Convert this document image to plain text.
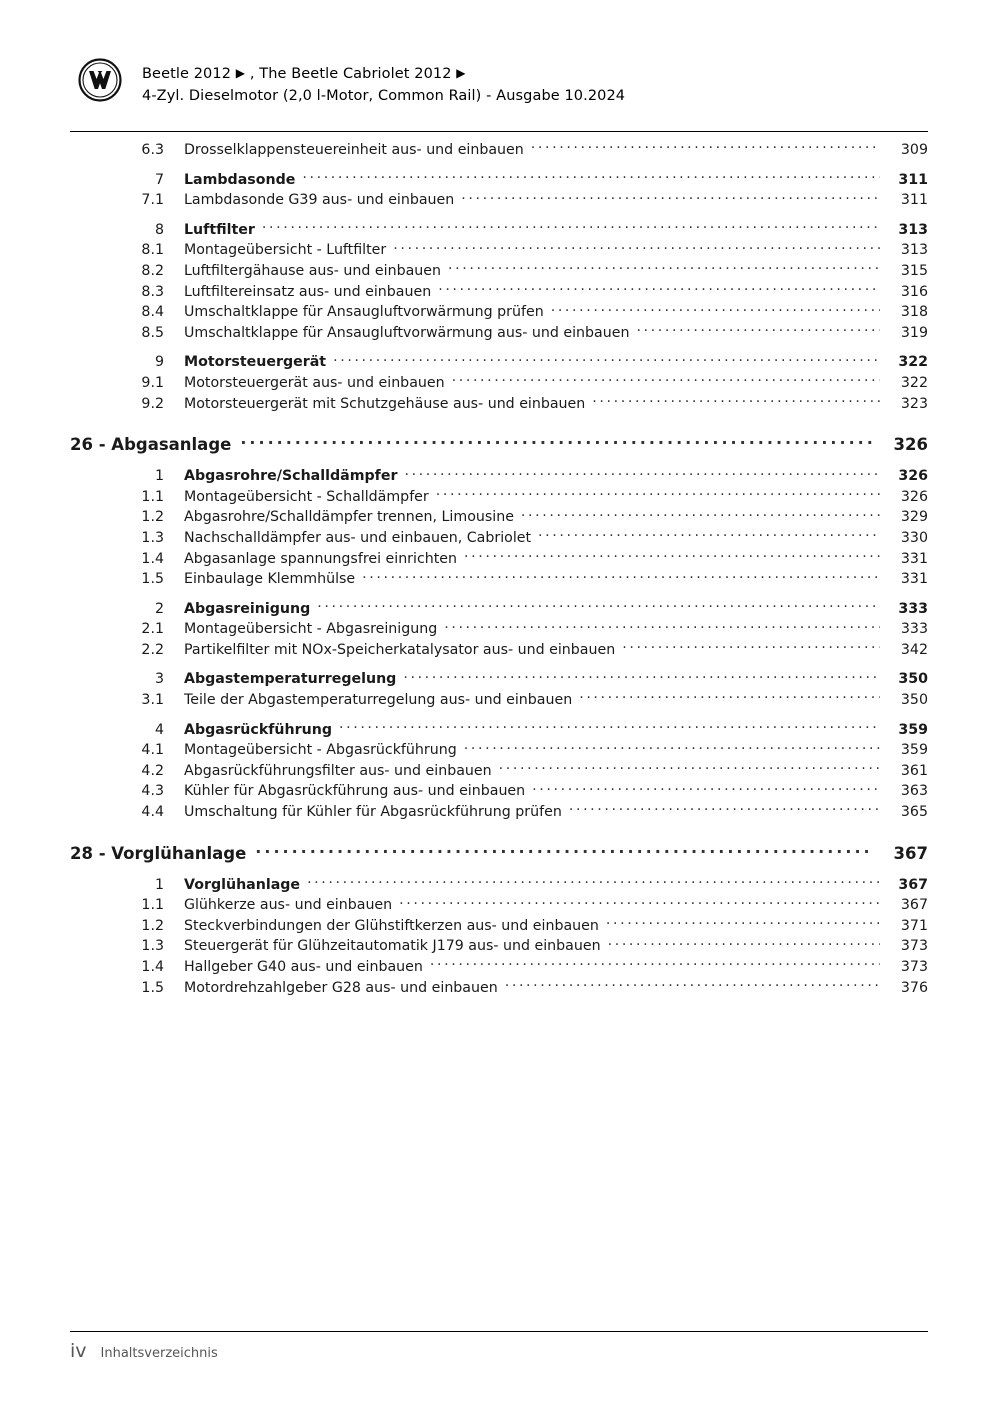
Beetle 2012 ▶ , The Beetle Cabriolet 2012 ▶
4-Zyl. Dieselmotor (2,0 l-Motor, Common Rail) - Ausgabe 10.2024
6.3	Drosselklappensteuereinheit aus- und einbauen .....	309
7	Lambdasonde .....	311
7.1	Lambdasonde G39 aus- und einbauen .....	311
8	Luftfilter .....	313
8.1	Montageübersicht - Luftfilter .....	313
8.2	Luftfiltergähause aus- und einbauen .....	315
8.3	Luftfiltereinsatz aus- und einbauen .....	316
8.4	Umschaltklappe für Ansaugluftvorwärmung prüfen .....	318
8.5	Umschaltklappe für Ansaugluftvorwärmung aus- und einbauen .....	319
9	Motorsteuergerät .....	322
9.1	Motorsteuergerät aus- und einbauen .....	322
9.2	Motorsteuergerät mit Schutzgehäuse aus- und einbauen .....	323
26 - Abgasanlage .....	326
1	Abgasrohre/Schalldämpfer .....	326
1.1	Montageübersicht - Schalldämpfer .....	326
1.2	Abgasrohre/Schalldämpfer trennen, Limousine .....	329
1.3	Nachschalldämpfer aus- und einbauen, Cabriolet .....	330
1.4	Abgasanlage spannungsfrei einrichten .....	331
1.5	Einbaulage Klemmhülse .....	331
2	Abgasreinigung .....	333
2.1	Montageübersicht - Abgasreinigung .....	333
2.2	Partikelfilter mit NOx-Speicherkatalysator aus- und einbauen .....	342
3	Abgastemperaturregelung .....	350
3.1	Teile der Abgastemperaturregelung aus- und einbauen .....	350
4	Abgasrückführung .....	359
4.1	Montageübersicht - Abgasrückführung .....	359
4.2	Abgasrückführungsfilter aus- und einbauen .....	361
4.3	Kühler für Abgasrückführung aus- und einbauen .....	363
4.4	Umschaltung für Kühler für Abgasrückführung prüfen .....	365
28 - Vorglühanlage .....	367
1	Vorglühanlage .....	367
1.1	Glühkerze aus- und einbauen .....	367
1.2	Steckverbindungen der Glühstiftkerzen aus- und einbauen .....	371
1.3	Steuergerät für Glühzeitautomatik J179 aus- und einbauen .....	373
1.4	Hallgeber G40 aus- und einbauen .....	373
1.5	Motordrehzahlgeber G28 aus- und einbauen .....	376
iv	Inhaltsverzeichnis
